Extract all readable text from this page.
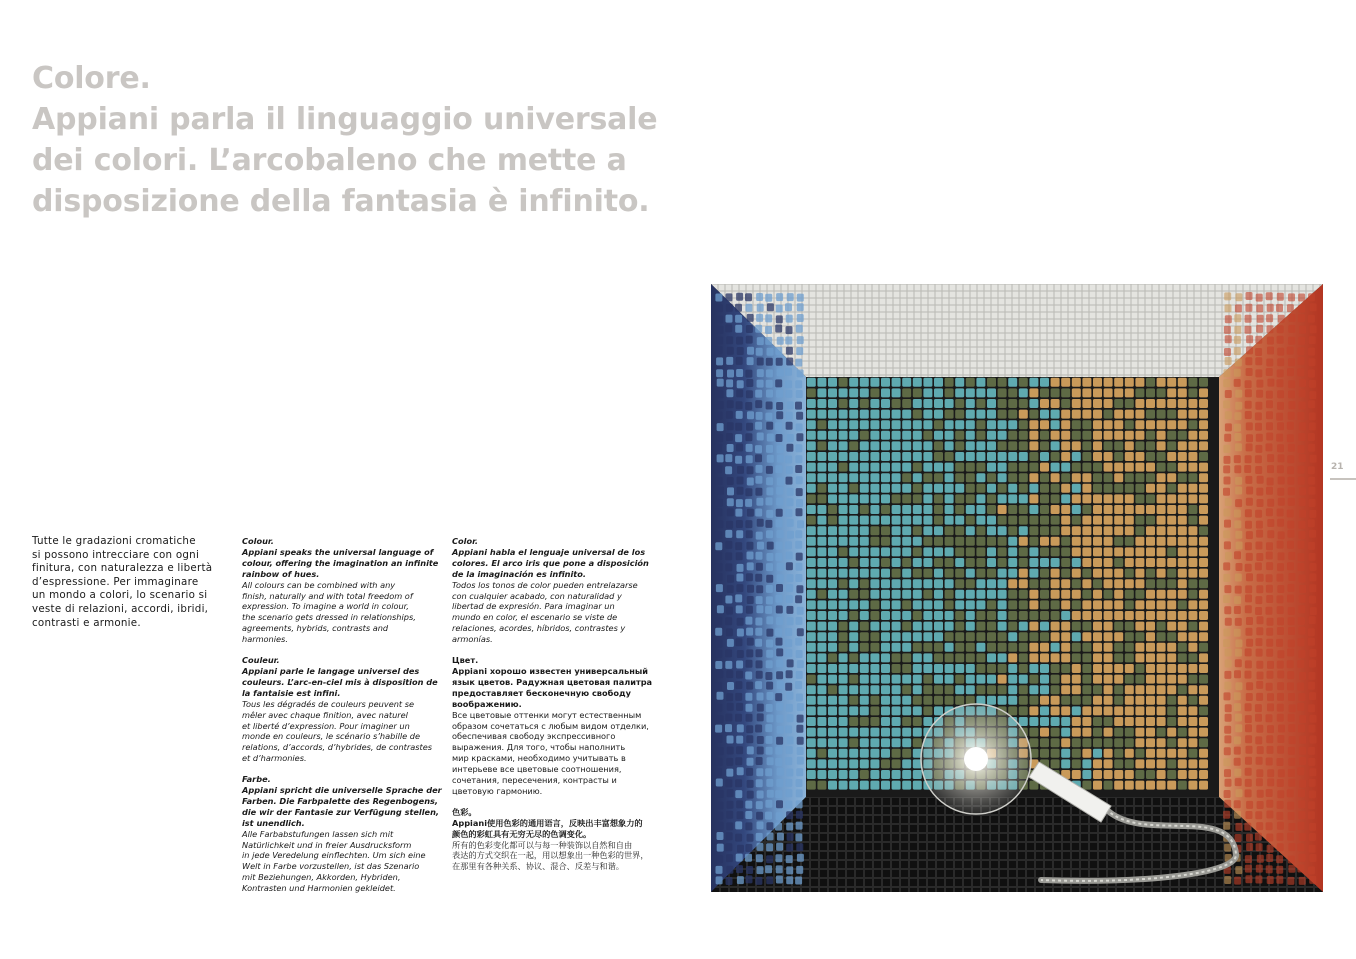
Colore.
Appiani parla il linguaggio universale
dei colori. L’arcobaleno che mette a
disposizione della fantasia è infinito.
Tutte le gradazioni cromatiche
si possono intrecciare con ogni
finitura, con naturalezza e libertà
d’espressione. Per immaginare
un mondo a colori, lo scenario si
veste di relazioni, accordi, ibridi,
contrasti e armonie.
Colour.
Appiani speaks the universal language of
colour, offering the imagination an infinite
rainbow of hues.
All colours can be combined with any
finish, naturally and with total freedom of
expression. To imagine a world in colour,
the scenario gets dressed in relationships,
agreements, hybrids, contrasts and
harmonies.
Couleur.
Appiani parle le langage universel des
couleurs. L’arc-en-ciel mis à disposition de
la fantaisie est infini.
Tous les dégradés de couleurs peuvent se
mêler avec chaque finition, avec naturel
et liberté d’expression. Pour imaginer un
monde en couleurs, le scénario s’habille de
relations, d’accords, d’hybrides, de contrastes
et d’harmonies.
Farbe.
Appiani spricht die universelle Sprache der
Farben. Die Farbpalette des Regenbogens,
die wir der Fantasie zur Verfügung stellen,
ist unendlich.
Alle Farbabstufungen lassen sich mit
Natürlichkeit und in freier Ausdrucksform
in jede Veredelung einflechten. Um sich eine
Welt in Farbe vorzustellen, ist das Szenario
mit Beziehungen, Akkorden, Hybriden,
Kontrasten und Harmonien gekleidet.
Color.
Appiani habla el lenguaje universal de los
colores. El arco iris que pone a disposición
de la imaginación es infinito.
Todos los tonos de color pueden entrelazarse
con cualquier acabado, con naturalidad y
libertad de expresión. Para imaginar un
mundo en color, el escenario se viste de
relaciones, acordes, híbridos, contrastes y
armonías.
Цвет.
Appiani хорошо известен универсальный
язык цветов. Радужная цветовая палитра
предоставляет бесконечную свободу
воображению.
Все цветовые оттенки могут естественным
образом сочетаться с любым видом отделки,
обеспечивая свободу экспрессивного
выражения. Для того, чтобы наполнить
мир красками, необходимо учитывать в
интерьеве все цветовые соотношения,
сочетания, пересечения, контрасты и
цветовую гармонию.
色彩。
Appiani使用色彩的通用语言，反映出丰富想象力的
颜色的彩虹具有无穷无尽的色调变化。
所有的色彩变化都可以与每一种装饰以自然和自由
表达的方式交织在一起，用以想象出一种色彩的世界，
在那里有各种关系、协议、混合、反差与和谐。
21
